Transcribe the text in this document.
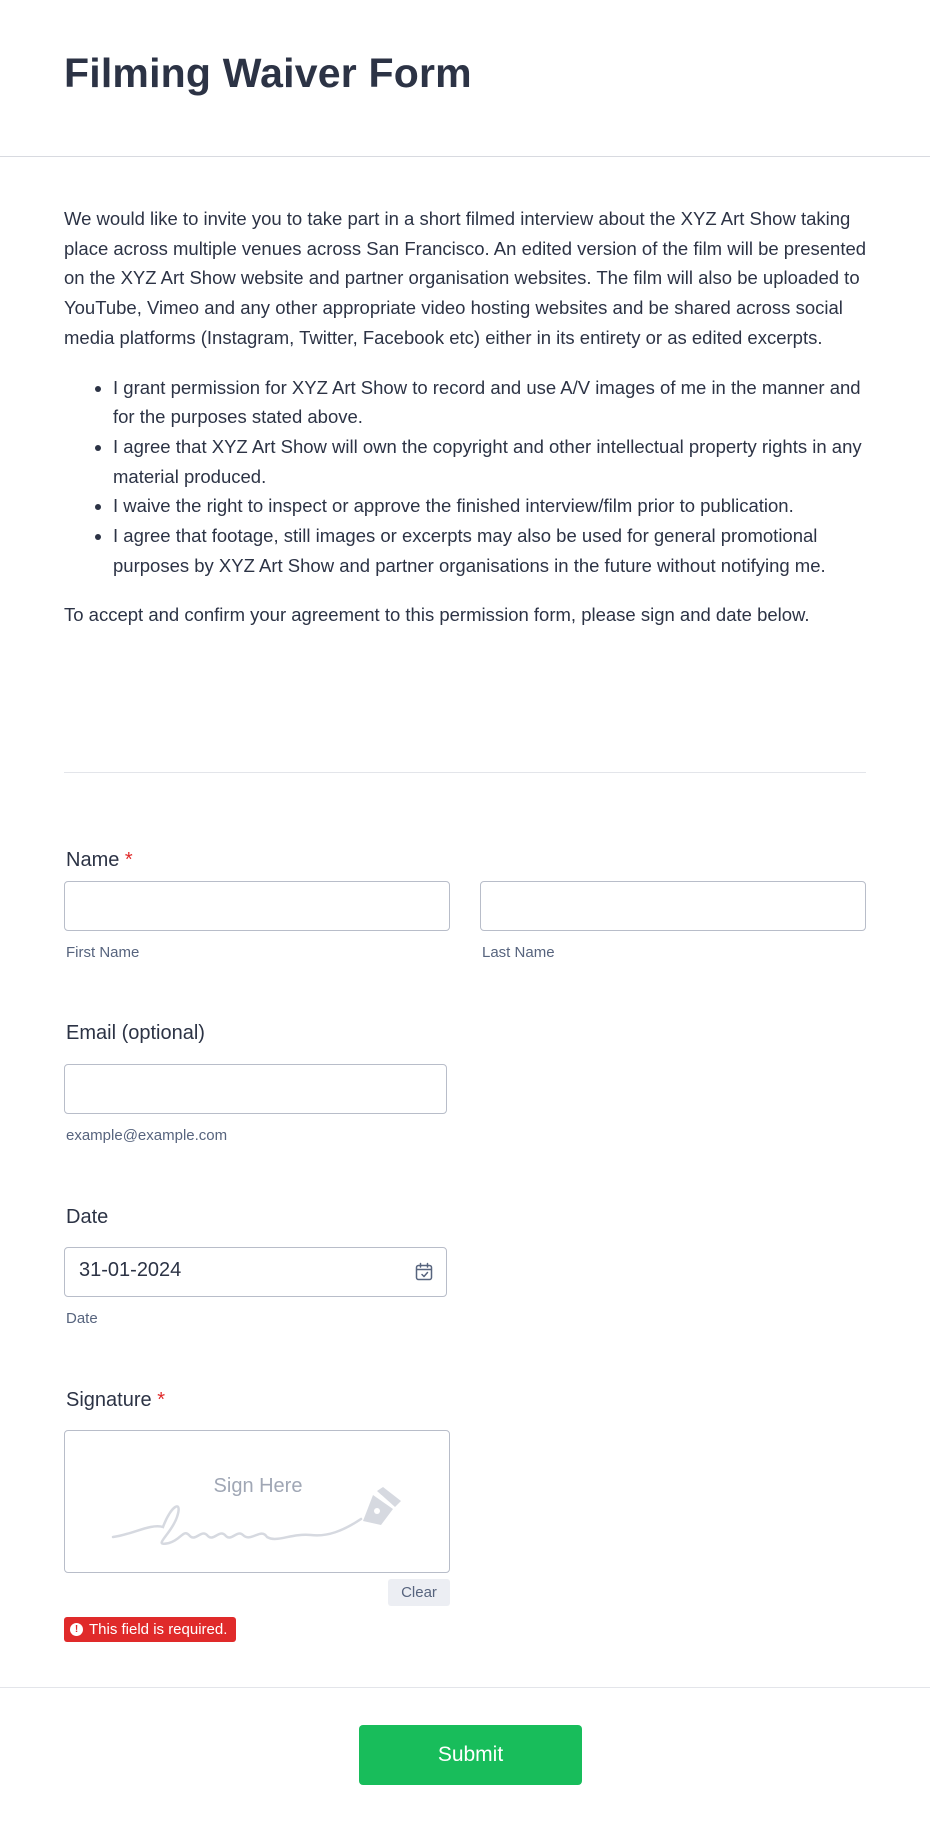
Filming Waiver Form

We would like to invite you to take part in a short filmed interview about the XYZ Art Show taking place across multiple venues across San Francisco. An edited version of the film will be presented on the XYZ Art Show website and partner organisation websites. The film will also be uploaded to YouTube, Vimeo and any other appropriate video hosting websites and be shared across social media platforms (Instagram, Twitter, Facebook etc) either in its entirety or as edited excerpts.

• I grant permission for XYZ Art Show to record and use A/V images of me in the manner and for the purposes stated above.
• I agree that XYZ Art Show will own the copyright and other intellectual property rights in any material produced.
• I waive the right to inspect or approve the finished interview/film prior to publication.
• I agree that footage, still images or excerpts may also be used for general promotional purposes by XYZ Art Show and partner organisations in the future without notifying me.

To accept and confirm your agreement to this permission form, please sign and date below.

Name *
First Name	Last Name
Email (optional)
example@example.com
Date
31-01-2024
Date
Signature *
Sign Here
Clear
! This field is required.
Submit
